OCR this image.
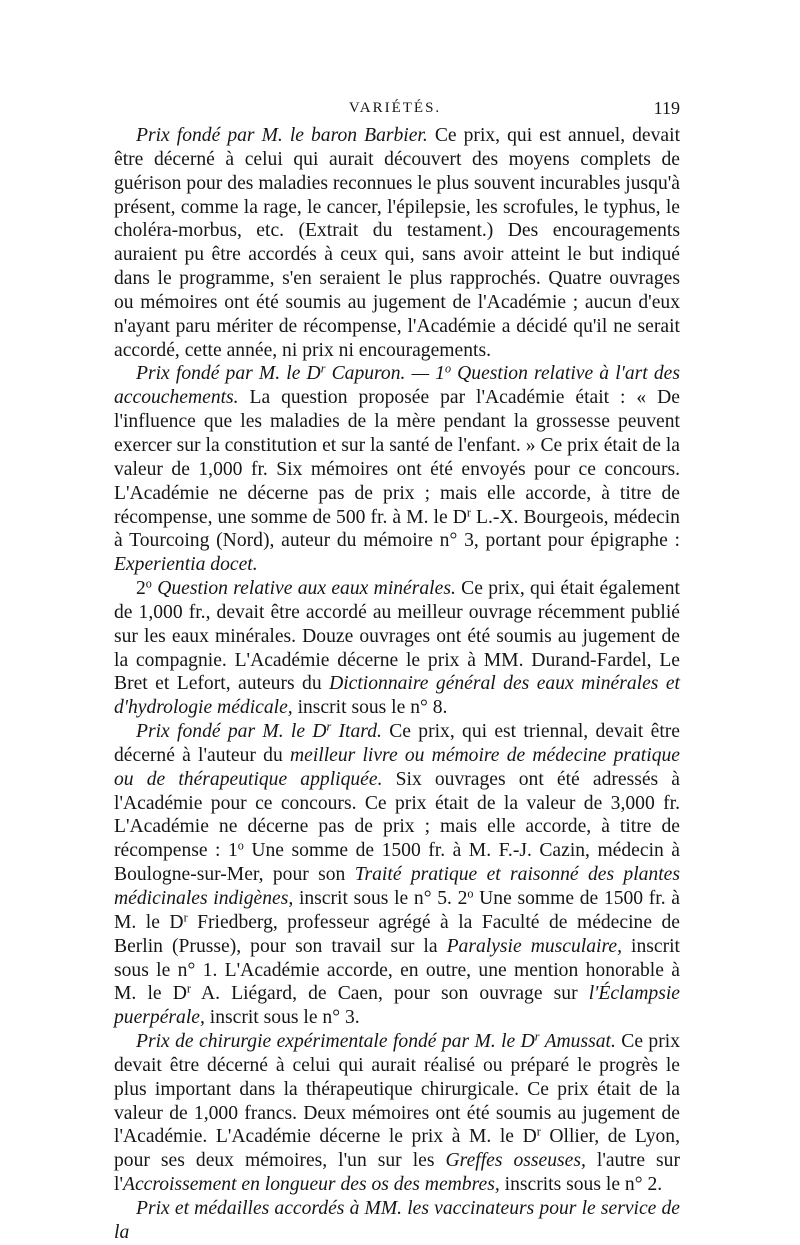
VARIÉTÉS.	119

Prix fondé par M. le baron Barbier. Ce prix, qui est annuel, devait être décerné à celui qui aurait découvert des moyens complets de guérison pour des maladies reconnues le plus souvent incurables jusqu'à présent, comme la rage, le cancer, l'épilepsie, les scrofules, le typhus, le choléra-morbus, etc. (Extrait du testament.) Des encouragements auraient pu être accordés à ceux qui, sans avoir atteint le but indiqué dans le programme, s'en seraient le plus rapprochés. Quatre ouvrages ou mémoires ont été soumis au jugement de l'Académie ; aucun d'eux n'ayant paru mériter de récompense, l'Académie a décidé qu'il ne serait accordé, cette année, ni prix ni encouragements.

Prix fondé par M. le $D^r$ Capuron. — 1$^o$ Question relative à l'art des accouchements. La question proposée par l'Académie était : « De l'influence que les maladies de la mère pendant la grossesse peuvent exercer sur la constitution et sur la santé de l'enfant. » Ce prix était de la valeur de 1,000 fr. Six mémoires ont été envoyés pour ce concours. L'Académie ne décerne pas de prix ; mais elle accorde, à titre de récompense, une somme de 500 fr. à M. le $D^r$ L.-X. Bourgeois, médecin à Tourcoing (Nord), auteur du mémoire n° 3, portant pour épigraphe : Experientia docet.

2$^o$ Question relative aux eaux minérales. Ce prix, qui était également de 1,000 fr., devait être accordé au meilleur ouvrage récemment publié sur les eaux minérales. Douze ouvrages ont été soumis au jugement de la compagnie. L'Académie décerne le prix à MM. Durand-Fardel, Le Bret et Lefort, auteurs du Dictionnaire général des eaux minérales et d'hydrologie médicale, inscrit sous le n° 8.

Prix fondé par M. le $D^r$ Itard. Ce prix, qui est triennal, devait être décerné à l'auteur du meilleur livre ou mémoire de médecine pratique ou de thérapeutique appliquée. Six ouvrages ont été adressés à l'Académie pour ce concours. Ce prix était de la valeur de 3,000 fr. L'Académie ne décerne pas de prix ; mais elle accorde, à titre de récompense : 1$^o$ Une somme de 1500 fr. à M. F.-J. Cazin, médecin à Boulogne-sur-Mer, pour son Traité pratique et raisonné des plantes médicinales indigènes, inscrit sous le n° 5. 2$^o$ Une somme de 1500 fr. à M. le $D^r$ Friedberg, professeur agrégé à la Faculté de médecine de Berlin (Prusse), pour son travail sur la Paralysie musculaire, inscrit sous le n° 1. L'Académie accorde, en outre, une mention honorable à M. le $D^r$ A. Liégard, de Caen, pour son ouvrage sur l'Éclampsie puerpérale, inscrit sous le n° 3.

Prix de chirurgie expérimentale fondé par M. le $D^r$ Amussat. Ce prix devait être décerné à celui qui aurait réalisé ou préparé le progrès le plus important dans la thérapeutique chirurgicale. Ce prix était de la valeur de 1,000 francs. Deux mémoires ont été soumis au jugement de l'Académie. L'Académie décerne le prix à M. le $D^r$ Ollier, de Lyon, pour ses deux mémoires, l'un sur les Greffes osseuses, l'autre sur l'Accroissement en longueur des os des membres, inscrits sous le n° 2.

Prix et médailles accordés à MM. les vaccinateurs pour le service de la
